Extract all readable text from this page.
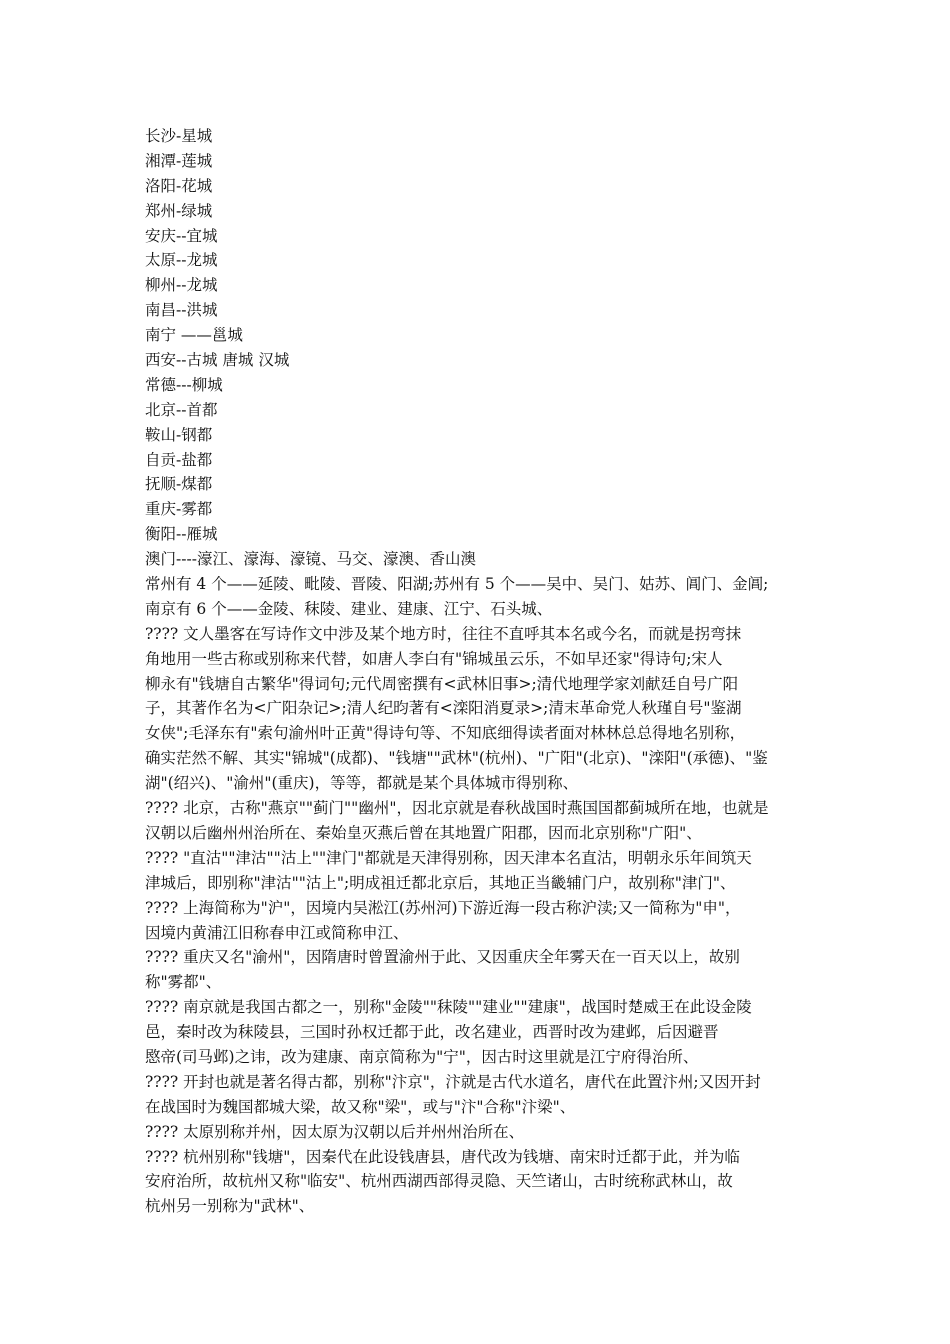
长沙-星城
湘潭-莲城
洛阳-花城
郑州-绿城
安庆--宜城
太原--龙城
柳州--龙城
南昌--洪城
南宁 ——邕城
西安--古城 唐城 汉城
常德---柳城
北京--首都
鞍山-钢都
自贡-盐都
抚顺-煤都
重庆-雾都
衡阳--雁城
澳门----濠江、濠海、濠镜、马交、濠澳、香山澳
常州有 4 个——延陵、毗陵、晋陵、阳湖;苏州有 5 个——吴中、吴门、姑苏、阊门、金阊;
南京有 6 个——金陵、秣陵、建业、建康、江宁、石头城、
???? 文人墨客在写诗作文中涉及某个地方时，往往不直呼其本名或今名，而就是拐弯抹
角地用一些古称或别称来代替，如唐人李白有"锦城虽云乐，不如早还家"得诗句;宋人
柳永有"钱塘自古繁华"得词句;元代周密撰有<武林旧事>;清代地理学家刘献廷自号广阳
子，其著作名为<广阳杂记>;清人纪昀著有<滦阳消夏录>;清末革命党人秋瑾自号"鉴湖
女侠";毛泽东有"索句渝州叶正黄"得诗句等、不知底细得读者面对林林总总得地名别称，
确实茫然不解、其实"锦城"(成都)、"钱塘""武林"(杭州)、"广阳"(北京)、"滦阳"(承德)、"鉴
湖"(绍兴)、"渝州"(重庆)，等等，都就是某个具体城市得别称、
???? 北京，古称"燕京""蓟门""幽州"，因北京就是春秋战国时燕国国都蓟城所在地，也就是
汉朝以后幽州州治所在、秦始皇灭燕后曾在其地置广阳郡，因而北京别称"广阳"、
???? "直沽""津沽""沽上""津门"都就是天津得别称，因天津本名直沽，明朝永乐年间筑天
津城后，即别称"津沽""沽上";明成祖迁都北京后，其地正当畿辅门户，故别称"津门"、
???? 上海简称为"沪"，因境内吴淞江(苏州河)下游近海一段古称沪渎;又一简称为"申"，
因境内黄浦江旧称春申江或简称申江、
???? 重庆又名"渝州"，因隋唐时曾置渝州于此、又因重庆全年雾天在一百天以上，故别
称"雾都"、
???? 南京就是我国古都之一，别称"金陵""秣陵""建业""建康"，战国时楚威王在此设金陵
邑，秦时改为秣陵县，三国时孙权迁都于此，改名建业，西晋时改为建邺，后因避晋
愍帝(司马邺)之讳，改为建康、南京简称为"宁"，因古时这里就是江宁府得治所、
???? 开封也就是著名得古都，别称"汴京"，汴就是古代水道名，唐代在此置汴州;又因开封
在战国时为魏国都城大梁，故又称"梁"，或与"汴"合称"汴梁"、
???? 太原别称并州，因太原为汉朝以后并州州治所在、
???? 杭州别称"钱塘"，因秦代在此设钱唐县，唐代改为钱塘、南宋时迁都于此，并为临
安府治所，故杭州又称"临安"、杭州西湖西部得灵隐、天竺诸山，古时统称武林山，故
杭州另一别称为"武林"、
